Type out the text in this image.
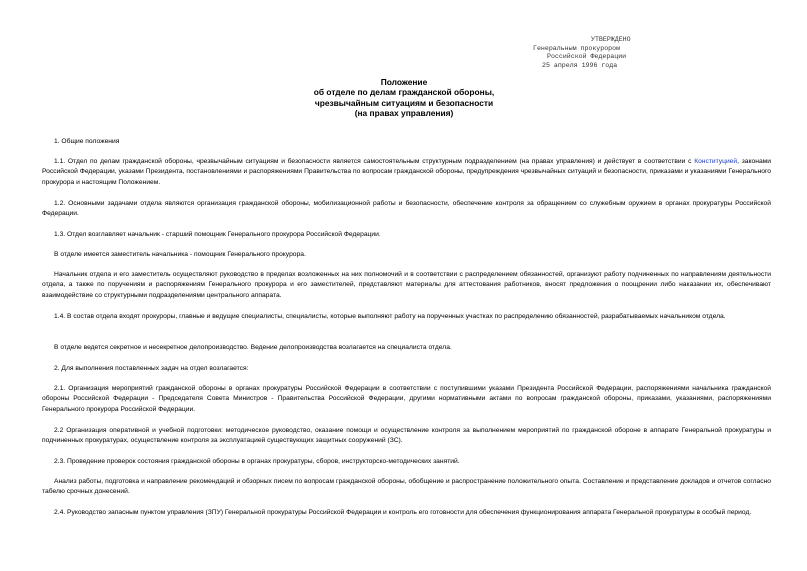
УТВЕРЖДЕНО
Генеральным прокурором
Российской Федерации
25 апреля 1996 года
Положение
об отделе по делам гражданской обороны,
чрезвычайным ситуациям и безопасности
(на правах управления)

1. Общие положения

1.1. Отдел по делам гражданской обороны, чрезвычайным ситуациям и безопасности является самостоятельным структурным подразделением (на правах управления) и действует в соответствии с Конституцией, законами Российской Федерации, указами Президента, постановлениями и распоряжениями Правительства по вопросам гражданской обороны, предупреждения чрезвычайных ситуаций и безопасности, приказами и указаниями Генерального прокурора и настоящим Положением.

1.2. Основными задачами отдела являются организация гражданской обороны, мобилизационной работы и безопасности, обеспечение контроля за обращением со служебным оружием в органах прокуратуры Российской Федерации.

1.3. Отдел возглавляет начальник - старший помощник Генерального прокурора Российской Федерации.

В отделе имеется заместитель начальника - помощник Генерального прокурора.

Начальник отдела и его заместитель осуществляют руководство в пределах возложенных на них полномочий и в соответствии с распределением обязанностей, организуют работу подчиненных по направлениям деятельности отдела, а также по поручениям и распоряжениям Генерального прокурора и его заместителей, представляют материалы для аттестования работников, вносят предложения о поощрении либо наказании их, обеспечивают взаимодействие со структурными подразделениями центрального аппарата.

1.4. В состав отдела входят прокуроры, главные и ведущие специалисты, специалисты, которые выполняют работу на порученных участках по распределению обязанностей, разрабатываемых начальником отдела.

В отделе ведется секретное и несекретное делопроизводство. Ведение делопроизводства возлагается на специалиста отдела.

2. Для выполнения поставленных задач на отдел возлагается:

2.1. Организация мероприятий гражданской обороны в органах прокуратуры Российской Федерации в соответствии с поступившими указами Президента Российской Федерации, распоряжениями начальника гражданской обороны Российской Федерации - Председателя Совета Министров - Правительства Российской Федерации, другими нормативными актами по вопросам гражданской обороны, приказами, указаниями, распоряжениями Генерального прокурора Российской Федерации.

2.2 Организация оперативной и учебной подготовки: методическое руководство, оказание помощи и осуществление контроля за выполнением мероприятий по гражданской обороне в аппарате Генеральной прокуратуры и подчиненных прокуратурах, осуществление контроля за эксплуатацией существующих защитных сооружений (ЗС).

2.3. Проведение проверок состояния гражданской обороны в органах прокуратуры, сборов, инструкторско-методических занятий.

Анализ работы, подготовка и направление рекомендаций и обзорных писем по вопросам гражданской обороны, обобщение и распространение положительного опыта. Составление и представление докладов и отчетов согласно табелю срочных донесений.

2.4. Руководство запасным пунктом управления (ЗПУ) Генеральной прокуратуры Российской Федерации и контроль его готовности для обеспечения функционирования аппарата Генеральной прокуратуры в особый период.
